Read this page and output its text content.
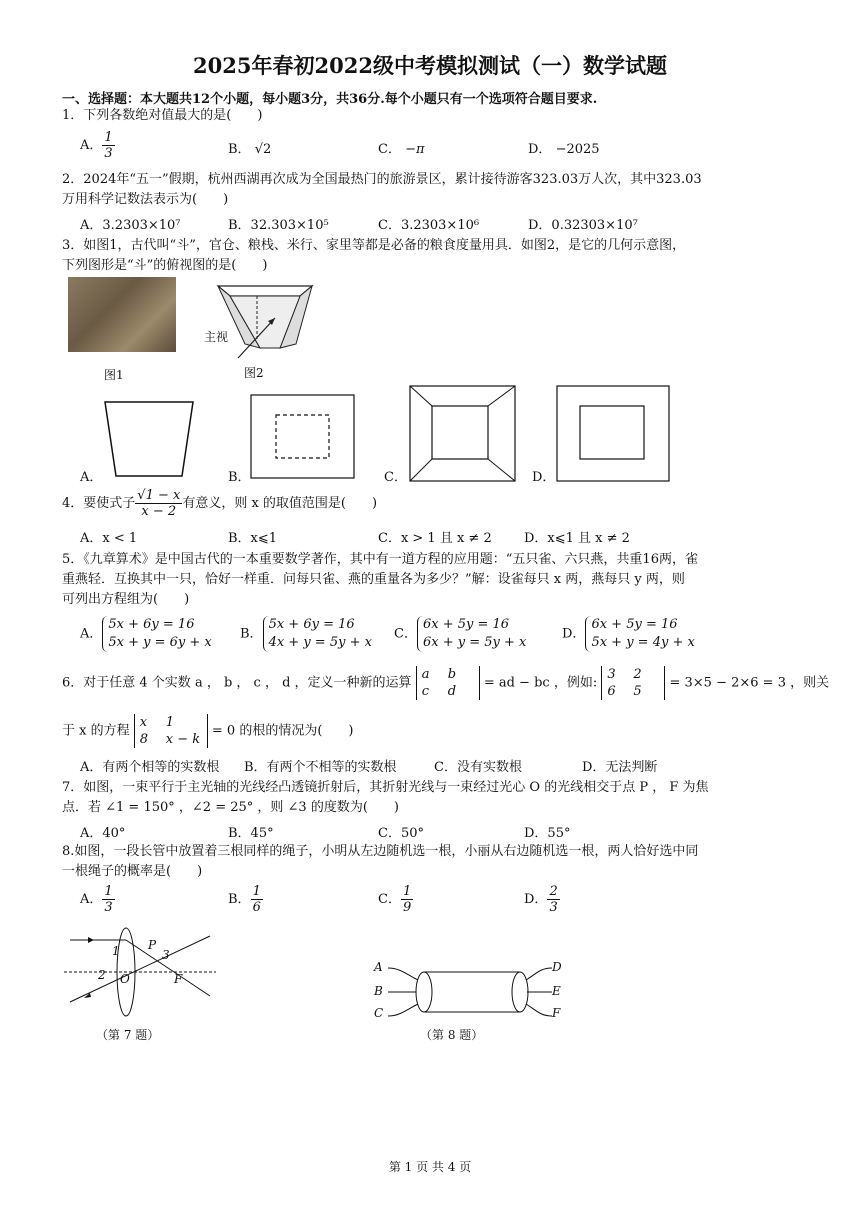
2025年春初2022级中考模拟测试（一）数学试题
一、选择题：本大题共12个小题，每小题3分，共36分.每个小题只有一个选项符合题目要求.
1．下列各数绝对值最大的是(　　)
A． $\frac{1}{3}$	B． √2	C． −π	D． −2025
2．2024年“五一”假期，杭州西湖再次成为全国最热门的旅游景区，累计接待游客323.03万人次，其中323.03
万用科学记数法表示为(　　)
A．3.2303×10⁷	B．32.303×10⁵	C．3.2303×10⁶	D．0.32303×10⁷
3．如图1，古代叫“斗”，官仓、粮栈、米行、家里等都是必备的粮食度量用具．如图2，是它的几何示意图，
下列图形是“斗”的俯视图的是(　　)
图1
主视
图2
A．	B．	C．	D．
4．要使式子 $\frac{√1 - x}{x - 2}$ 有意义，则 x 的取值范围是(　　)
A．x < 1	B．x⩽1	C．x > 1 且 x ≠ 2 D．x⩽1 且 x ≠ 2
5．《九章算术》是中国古代的一本重要数学著作，其中有一道方程的应用题：“五只雀、六只燕，共重16两，雀
重燕轻．互换其中一只，恰好一样重．问每只雀、燕的重量各为多少？”解：设雀每只 x 两，燕每只 y 两，则
可列出方程组为(　　)
A．5x + 6y = 16
5x + y = 6y + x
B．5x + 6y = 16
4x + y = 5y + x
C．6x + 5y = 16
6x + y = 5y + x
D．6x + 5y = 16
5x + y = 4y + x
6．对于任意 4 个实数 a ， b ， c ， d ，定义一种新的运算 a b
c d = ad − bc ，例如: 3 2
6 5 = 3×5 − 2×6 = 3 ，则关
于 x 的方程 x 1
8 x − k = 0 的根的情况为(　　)
A．有两个相等的实数根 B．有两个不相等的实数根	C．没有实数根	D．无法判断
7．如图，一束平行于主光轴的光线经凸透镜折射后，其折射光线与一束经过光心 O 的光线相交于点 P ， F 为焦
点．若 ∠1 = 150° ，∠2 = 25° ，则 ∠3 的度数为(　　)
A．40°	B．45°	C．50°	D．55°
8.如图，一段长管中放置着三根同样的绳子，小明从左边随机选一根，小丽从右边随机选一根，两人恰好选中同
一根绳子的概率是(　　)
A． $\frac{1}{3}$	B． $\frac{1}{6}$	C． $\frac{1}{9}$	D． $\frac{2}{3}$
1
2
3
P
O	F
（第 7 题）
A
B
C
D
E
F
（第 8 题）
第 1 页 共 4 页
